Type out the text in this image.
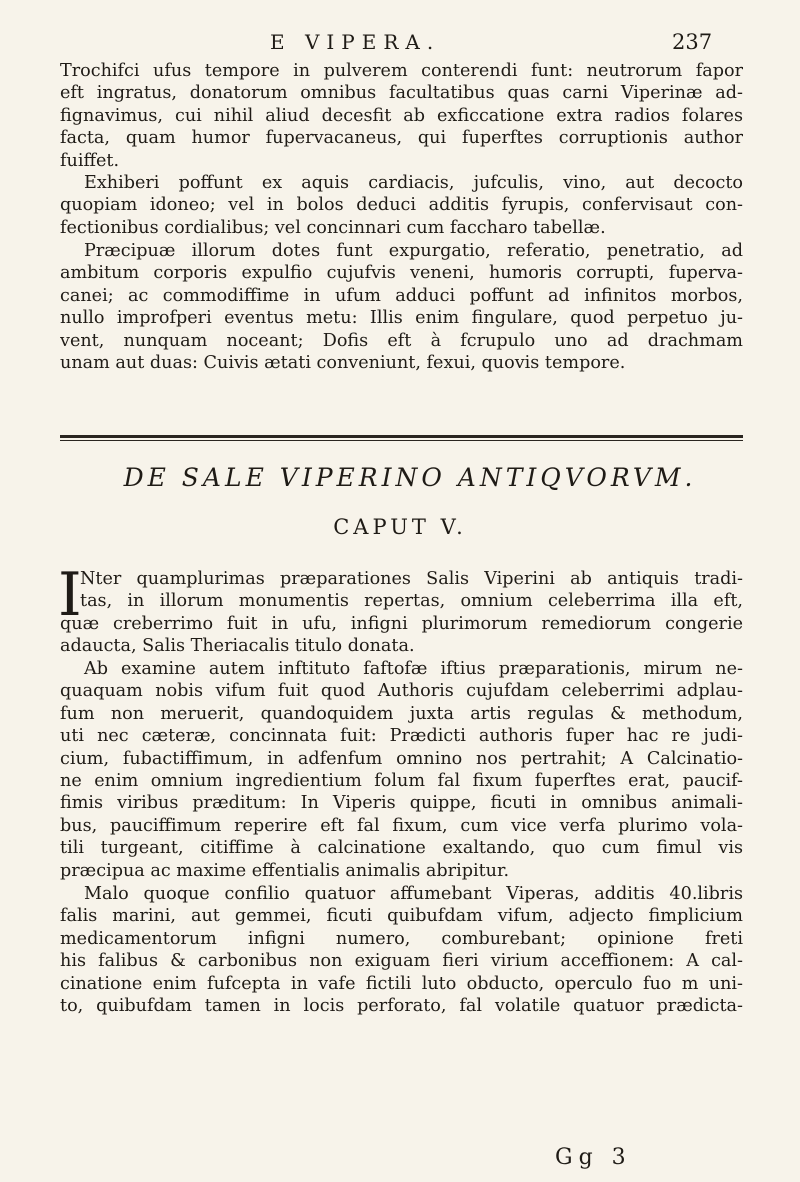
E VIPERA.	237
Trochifci ufus tempore in pulverem conterendi funt: neutrorum fapor
eft ingratus, donatorum omnibus facultatibus quas carni Viperinæ ad-
fignavimus, cui nihil aliud decesfit ab exficcatione extra radios folares
facta, quam humor fupervacaneus, qui fuperftes corruptionis author
fuiffet.
Exhiberi poffunt ex aquis cardiacis, jufculis, vino, aut decocto
quopiam idoneo; vel in bolos deduci additis fyrupis, confervisaut con-
fectionibus cordialibus; vel concinnari cum faccharo tabellæ.
Præcipuæ illorum dotes funt expurgatio, referatio, penetratio, ad
ambitum corporis expulfio cujufvis veneni, humoris corrupti, fuperva-
canei; ac commodiffime in ufum adduci poffunt ad infinitos morbos,
nullo improfperi eventus metu: Illis enim fingulare, quod perpetuo ju-
vent, nunquam noceant; Dofis eft à fcrupulo uno ad drachmam
unam aut duas: Cuivis ætati conveniunt, fexui, quovis tempore.
DE SALE VIPERINO ANTIQVORVM.
CAPUT V.
I
Nter quamplurimas præparationes Salis Viperini ab antiquis tradi-
tas, in illorum monumentis repertas, omnium celeberrima illa eft,
quæ creberrimo fuit in ufu, infigni plurimorum remediorum congerie
adaucta, Salis Theriacalis titulo donata.
Ab examine autem inftituto faftofæ iftius præparationis, mirum ne-
quaquam nobis vifum fuit quod Authoris cujufdam celeberrimi adplau-
fum non meruerit, quandoquidem juxta artis regulas & methodum,
uti nec cæteræ, concinnata fuit: Prædicti authoris fuper hac re judi-
cium, fubactiffimum, in adfenfum omnino nos pertrahit; A Calcinatio-
ne enim omnium ingredientium folum fal fixum fuperftes erat, paucif-
fimis viribus præditum: In Viperis quippe, ficuti in omnibus animali-
bus, pauciffimum reperire eft fal fixum, cum vice verfa plurimo vola-
tili turgeant, citiffime à calcinatione exaltando, quo cum fimul vis
præcipua ac maxime effentialis animalis abripitur.
Malo quoque confilio quatuor affumebant Viperas, additis 40.libris
falis marini, aut gemmei, ficuti quibufdam vifum, adjecto fimplicium
medicamentorum infigni numero, comburebant; opinione freti
his falibus & carbonibus non exiguam fieri virium acceffionem: A cal-
cinatione enim fufcepta in vafe fictili luto obducto, operculo fuo m uni-
to, quibufdam tamen in locis perforato, fal volatile quatuor prædicta-
Gg 3
